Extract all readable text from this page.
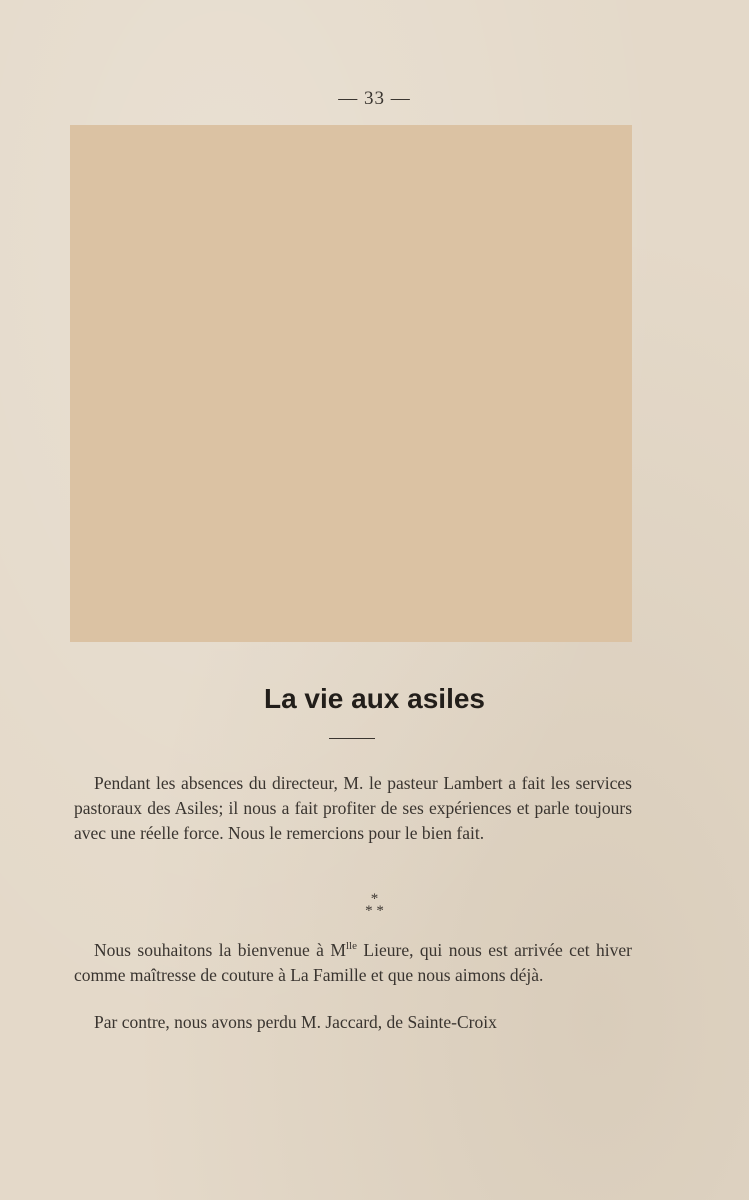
— 33 —
La vie aux asiles

Pendant les absences du directeur, M. le pasteur Lambert a fait les services pastoraux des Asiles; il nous a fait profiter de ses expériences et parle toujours avec une réelle force. Nous le remercions pour le bien fait.

*
* *

Nous souhaitons la bienvenue à $M^{lle}$ Lieure, qui nous est arrivée cet hiver comme maîtresse de couture à La Famille et que nous aimons déjà.

Par contre, nous avons perdu M. Jaccard, de Sainte-Croix
